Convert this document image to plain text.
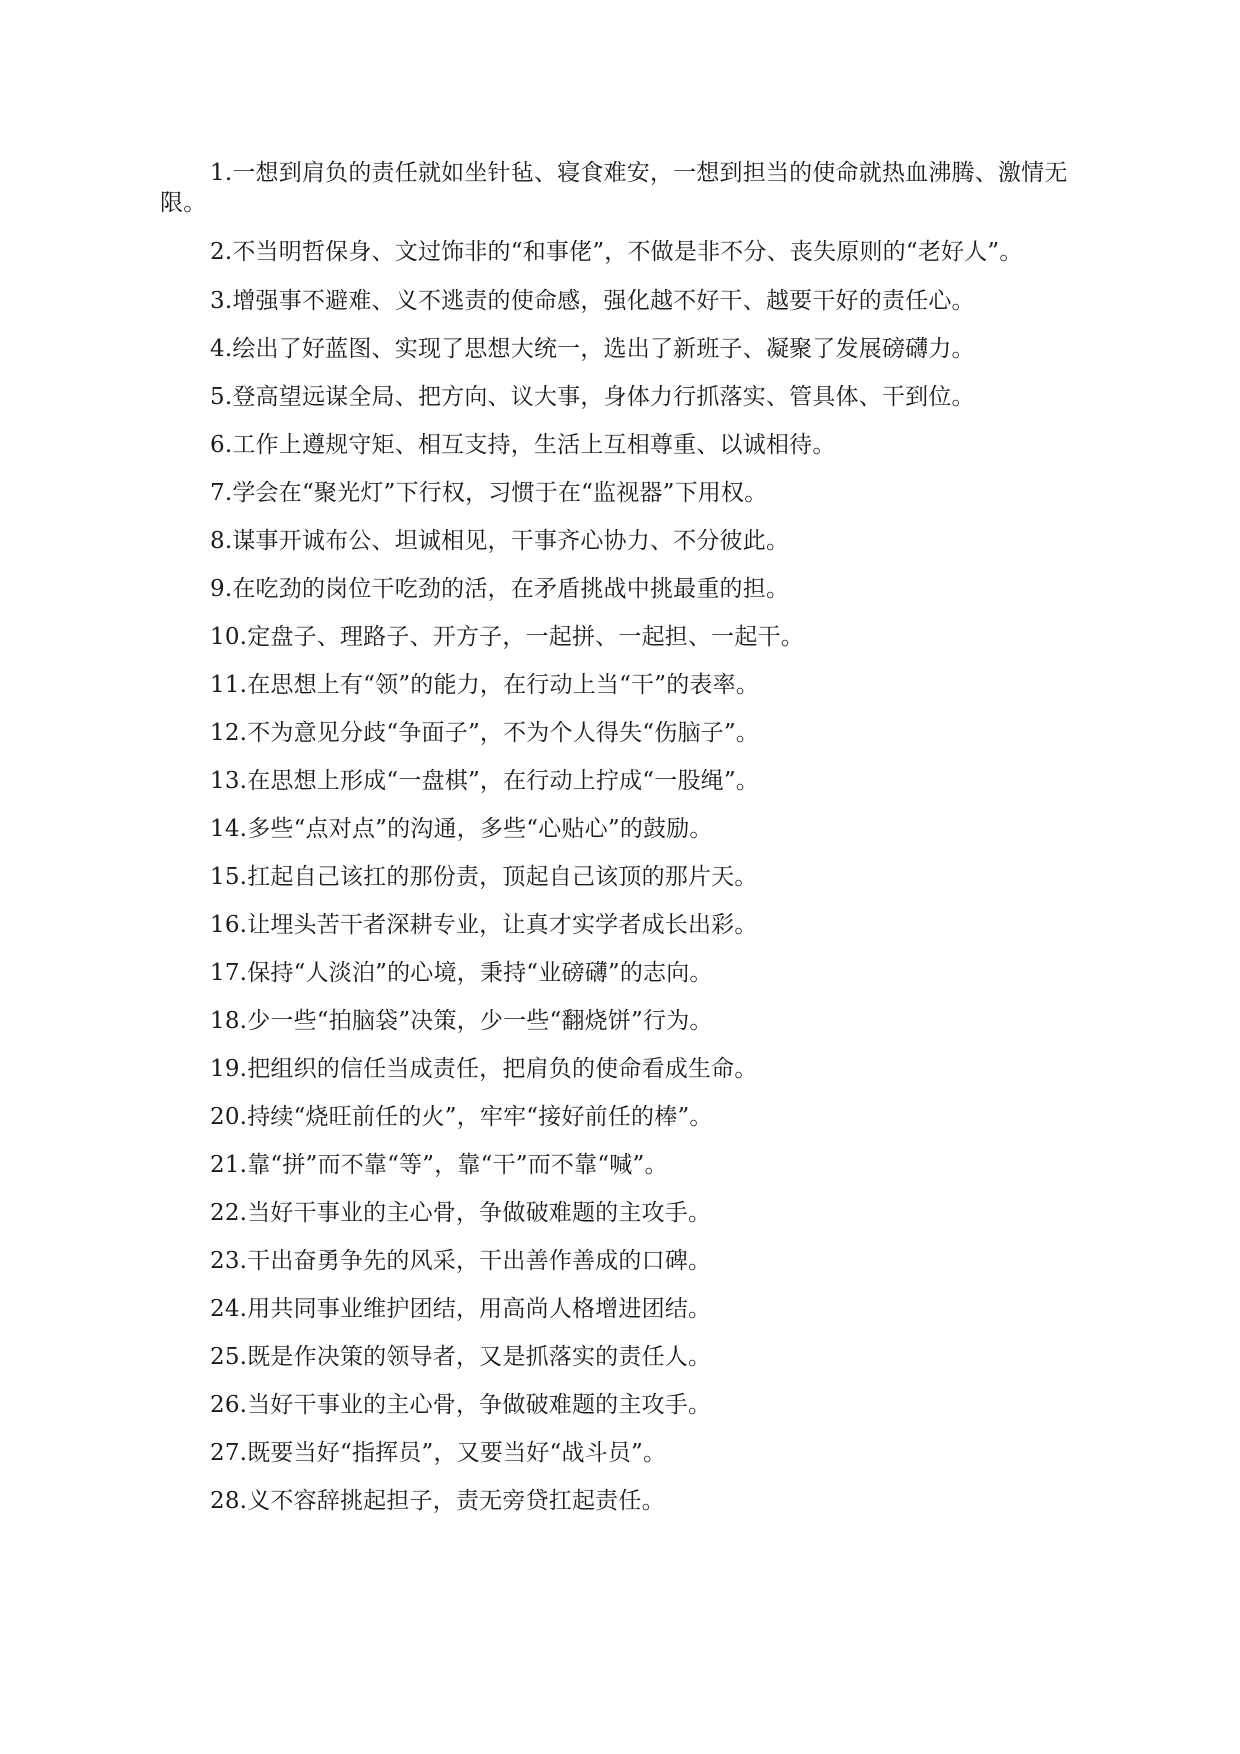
1.一想到肩负的责任就如坐针毡、寝食难安，一想到担当的使命就热血沸腾、激情无限。

2.不当明哲保身、文过饰非的“和事佬”，不做是非不分、丧失原则的“老好人”。

3.增强事不避难、义不逃责的使命感，强化越不好干、越要干好的责任心。

4.绘出了好蓝图、实现了思想大统一，选出了新班子、凝聚了发展磅礴力。

5.登高望远谋全局、把方向、议大事，身体力行抓落实、管具体、干到位。

6.工作上遵规守矩、相互支持，生活上互相尊重、以诚相待。

7.学会在“聚光灯”下行权，习惯于在“监视器”下用权。

8.谋事开诚布公、坦诚相见，干事齐心协力、不分彼此。

9.在吃劲的岗位干吃劲的活，在矛盾挑战中挑最重的担。

10.定盘子、理路子、开方子，一起拼、一起担、一起干。

11.在思想上有“领”的能力，在行动上当“干”的表率。

12.不为意见分歧“争面子”，不为个人得失“伤脑子”。

13.在思想上形成“一盘棋”，在行动上拧成“一股绳”。

14.多些“点对点”的沟通，多些“心贴心”的鼓励。

15.扛起自己该扛的那份责，顶起自己该顶的那片天。

16.让埋头苦干者深耕专业，让真才实学者成长出彩。

17.保持“人淡泊”的心境，秉持“业磅礴”的志向。

18.少一些“拍脑袋”决策，少一些“翻烧饼”行为。

19.把组织的信任当成责任，把肩负的使命看成生命。

20.持续“烧旺前任的火”，牢牢“接好前任的棒”。

21.靠“拼”而不靠“等”，靠“干”而不靠“喊”。

22.当好干事业的主心骨，争做破难题的主攻手。

23.干出奋勇争先的风采，干出善作善成的口碑。

24.用共同事业维护团结，用高尚人格增进团结。

25.既是作决策的领导者，又是抓落实的责任人。

26.当好干事业的主心骨，争做破难题的主攻手。

27.既要当好“指挥员”，又要当好“战斗员”。

28.义不容辞挑起担子，责无旁贷扛起责任。
